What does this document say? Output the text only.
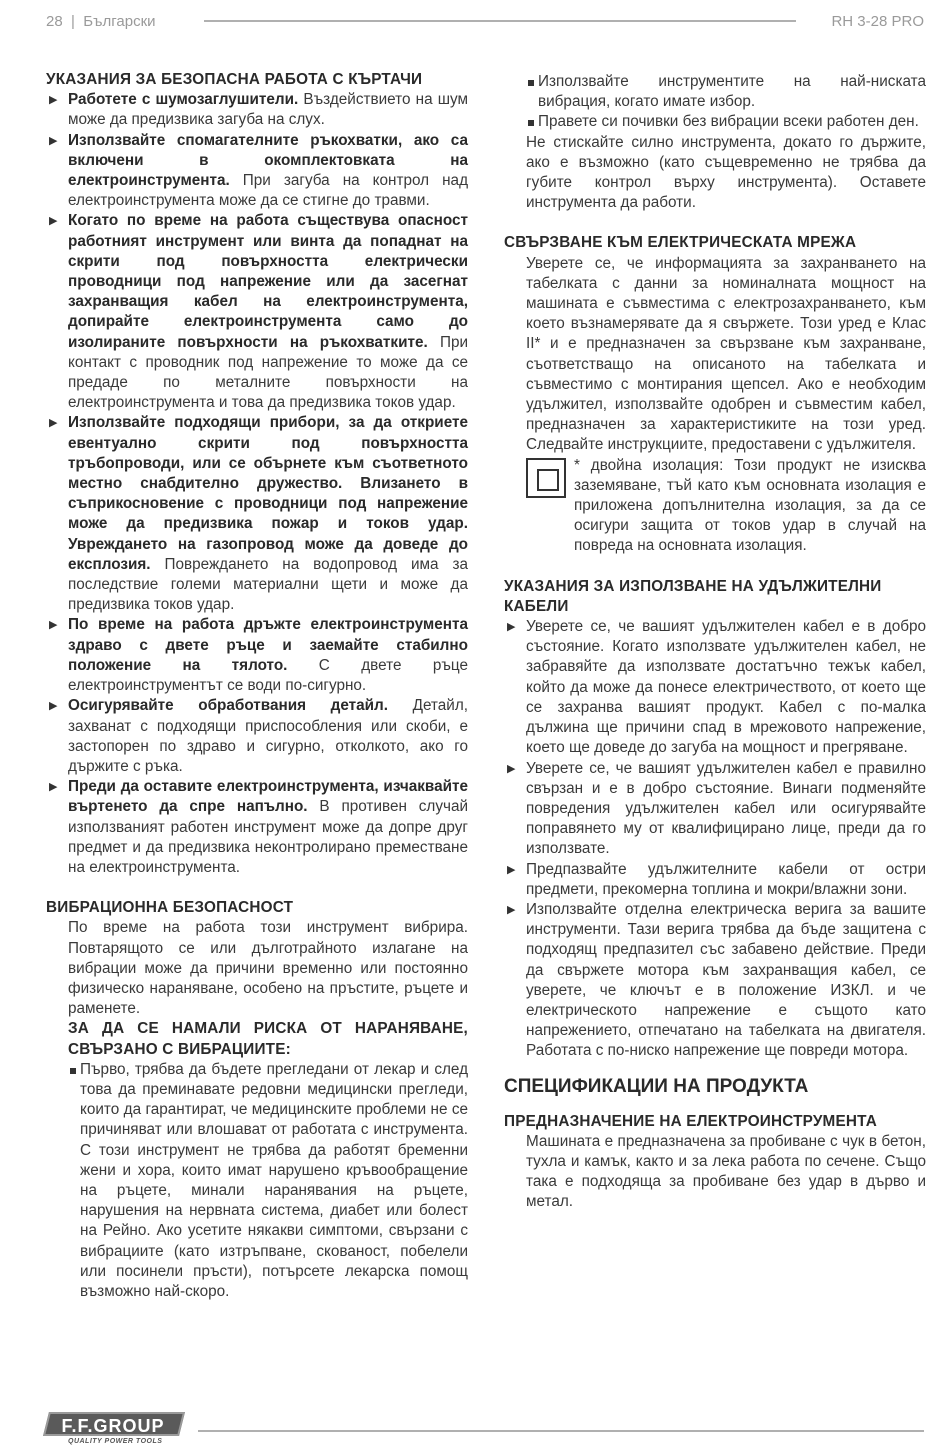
28 | Български	RH 3-28 PRO
УКАЗАНИЯ ЗА БЕЗОПАСНА РАБОТА С КЪРТАЧИ

▶ Работете с шумозаглушители. Въздействието на шум може да предизвика загуба на слух.

▶ Използвайте спомагателните ръкохватки, ако са включени в окомплектовката на електроинструмента. При загуба на контрол над електроинструмента може да се стигне до травми.

▶ Когато по време на работа съществува опасност работният инструмент или винта да попаднат на скрити под повърхността електрически проводници под напрежение или да засегнат захранващия кабел на електроинструмента, допирайте електроинструмента само до изолираните повърхности на ръкохватките. При контакт с проводник под напрежение то може да се предаде по металните повърхности на електроинструмента и това да предизвика токов удар.

▶ Използвайте подходящи прибори, за да откриете евентуално скрити под повърхността тръбопроводи, или се обърнете към съответното местно снабдително дружество. Влизането в съприкосновение с проводници под напрежение може да предизвика пожар и токов удар. Увреждането на газопровод може да доведе до експлозия. Повреждането на водопровод има за последствие големи материални щети и може да предизвика токов удар.

▶ По време на работа дръжте електроинструмента здраво с двете ръце и заемайте стабилно положение на тялото. С двете ръце електроинструментът се води по-сигурно.

▶ Осигурявайте обработвания детайл. Детайл, захванат с подходящи приспособления или скоби, е застопорен по здраво и сигурно, отколкото, ако го държите с ръка.

▶ Преди да оставите електроинструмента, изчаквайте въртенето да спре напълно. В противен случай използваният работен инструмент може да допре друг предмет и да предизвика неконтролирано преместване на електроинструмента.

ВИБРАЦИОННА БЕЗОПАСНОСТ

По време на работа този инструмент вибрира. Повтарящото се или дълготрайното излагане на вибрации може да причини временно или постоянно физическо нараняване, особено на пръстите, ръцете и раменете.

ЗА ДА СЕ НАМАЛИ РИСКА ОТ НАРАНЯВАНЕ, СВЪРЗАНО С ВИБРАЦИИТЕ:

Първо, трябва да бъдете прегледани от лекар и след това да преминавате редовни медицински прегледи, които да гарантират, че медицинските проблеми не се причиняват или влошават от работата с инструмента. С този инструмент не трябва да работят бременни жени и хора, които имат нарушено кръвообращение на ръцете, минали наранявания на ръцете, нарушения на нервната система, диабет или болест на Рейно. Ако усетите някакви симптоми, свързани с вибрациите (като изтръпване, скованост, побелели или посинели пръсти), потърсете лекарска помощ възможно най-скоро.

Използвайте инструментите на най-ниската вибрация, когато имате избор.

Правете си почивки без вибрации всеки работен ден.

Не стискайте силно инструмента, докато го държите, ако е възможно (като същевременно не трябва да губите контрол върху инструмента). Оставете инструмента да работи.

СВЪРЗВАНЕ КЪМ ЕЛЕКТРИЧЕСКАТА МРЕЖА

Уверете се, че информацията за захранването на табелката с данни за номиналната мощност на машината е съвместима с електрозахранването, към което възнамерявате да я свържете. Този уред е Клас II* и е предназначен за свързване към захранване, съответстващо на описаното на табелката и съвместимо с монтирания щепсел. Ако е необходим удължител, използвайте одобрен и съвместим кабел, предназначен за характеристиките на този уред. Следвайте инструкциите, предоставени с удължителя.

* двойна изолация: Този продукт не изисква заземяване, тъй като към основната изолация е приложена допълнителна изолация, за да се осигури защита от токов удар в случай на повреда на основната изолация.
УКАЗАНИЯ ЗА ИЗПОЛЗВАНЕ НА УДЪЛЖИТЕЛНИ КАБЕЛИ

▶ Уверете се, че вашият удължителен кабел е в добро състояние. Когато използвате удължителен кабел, не забравяйте да използвате достатъчно тежък кабел, който да може да понесе електричеството, от което ще се захранва вашият продукт. Кабел с по-малка дължина ще причини спад в мрежовото напрежение, което ще доведе до загуба на мощност и прегряване.

▶ Уверете се, че вашият удължителен кабел е правилно свързан и е в добро състояние. Винаги подменяйте повредения удължителен кабел или осигурявайте поправянето му от квалифицирано лице, преди да го използвате.

▶ Предпазвайте удължителните кабели от остри предмети, прекомерна топлина и мокри/влажни зони.

▶ Използвайте отделна електрическа верига за вашите инструменти. Тази верига трябва да бъде защитена с подходящ предпазител със забавено действие. Преди да свържете мотора към захранващия кабел, се уверете, че ключът е в положение ИЗКЛ. и че електрическото напрежение е същото като напрежението, отпечатано на табелката на двигателя. Работата с по-ниско напрежение ще повреди мотора.

СПЕЦИФИКАЦИИ НА ПРОДУКТА
ПРЕДНАЗНАЧЕНИЕ НА ЕЛЕКТРОИНСТРУМЕНТА

Машината е предназначена за пробиване с чук в бетон, тухла и камък, както и за лека работа по сечене. Също така е подходяща за пробиване без удар в дърво и метал.

F.F.GROUP
QUALITY POWER TOOLS
